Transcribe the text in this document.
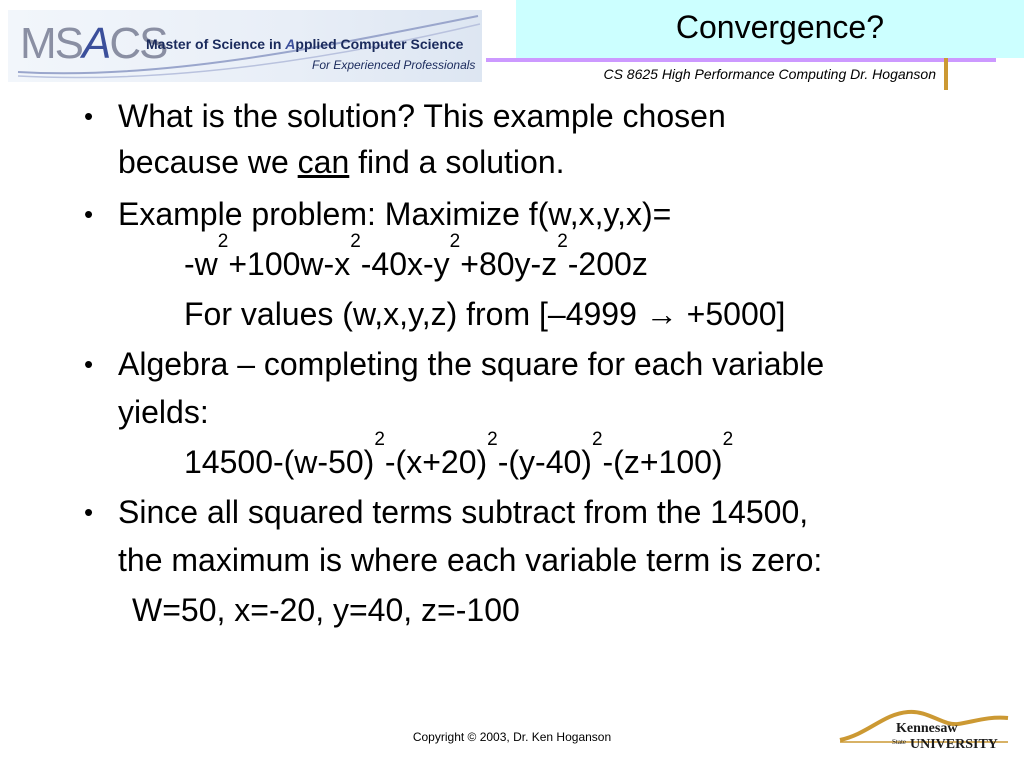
MSACS
Master of Science in Applied Computer Science
For Experienced Professionals
Convergence?
CS 8625 High Performance Computing Dr. Hoganson
• What is the solution? This example chosen
because we can find a solution.
• Example problem: Maximize f(w,x,y,x)=
$-w^2+100w-x^2-40x-y^2+80y-z^2-200z$
For values (w,x,y,z) from [–4999 → +5000]
• Algebra – completing the square for each variable
yields:
$14500-(w-50)^2-(x+20)^2-(y-40)^2-(z+100)^2$
• Since all squared terms subtract from the 14500,
the maximum is where each variable term is zero:
W=50, x=-20, y=40, z=-100
Copyright © 2003, Dr. Ken Hoganson
Kennesaw
State UNIVERSITY
